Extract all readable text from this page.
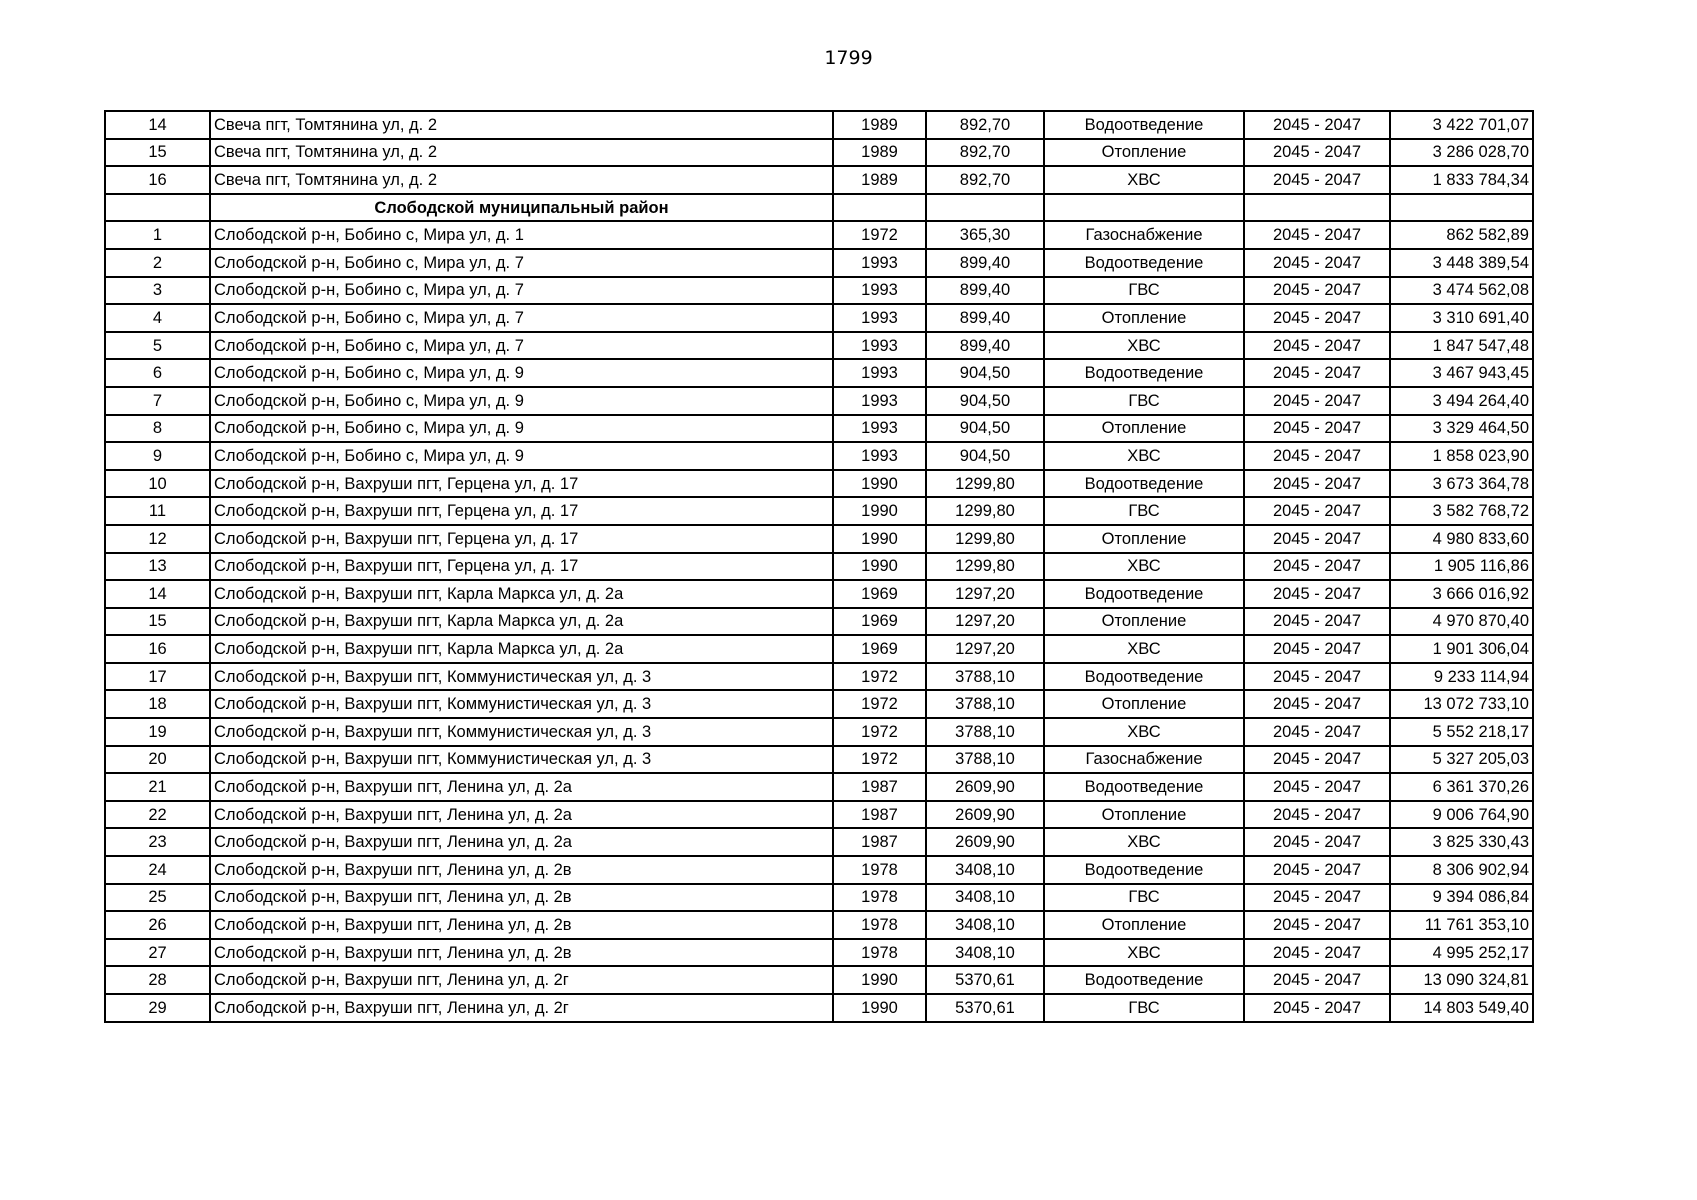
1799
14	Свеча пгт, Томтянина ул, д. 2	1989	892,70	Водоотведение	2045 - 2047	3 422 701,07
15	Свеча пгт, Томтянина ул, д. 2	1989	892,70	Отопление	2045 - 2047	3 286 028,70
16	Свеча пгт, Томтянина ул, д. 2	1989	892,70	ХВС	2045 - 2047	1 833 784,34
	Слободской муниципальный район					
1	Слободской р-н, Бобино с, Мира ул, д. 1	1972	365,30	Газоснабжение	2045 - 2047	862 582,89
2	Слободской р-н, Бобино с, Мира ул, д. 7	1993	899,40	Водоотведение	2045 - 2047	3 448 389,54
3	Слободской р-н, Бобино с, Мира ул, д. 7	1993	899,40	ГВС	2045 - 2047	3 474 562,08
4	Слободской р-н, Бобино с, Мира ул, д. 7	1993	899,40	Отопление	2045 - 2047	3 310 691,40
5	Слободской р-н, Бобино с, Мира ул, д. 7	1993	899,40	ХВС	2045 - 2047	1 847 547,48
6	Слободской р-н, Бобино с, Мира ул, д. 9	1993	904,50	Водоотведение	2045 - 2047	3 467 943,45
7	Слободской р-н, Бобино с, Мира ул, д. 9	1993	904,50	ГВС	2045 - 2047	3 494 264,40
8	Слободской р-н, Бобино с, Мира ул, д. 9	1993	904,50	Отопление	2045 - 2047	3 329 464,50
9	Слободской р-н, Бобино с, Мира ул, д. 9	1993	904,50	ХВС	2045 - 2047	1 858 023,90
10	Слободской р-н, Вахруши пгт, Герцена ул, д. 17	1990	1299,80	Водоотведение	2045 - 2047	3 673 364,78
11	Слободской р-н, Вахруши пгт, Герцена ул, д. 17	1990	1299,80	ГВС	2045 - 2047	3 582 768,72
12	Слободской р-н, Вахруши пгт, Герцена ул, д. 17	1990	1299,80	Отопление	2045 - 2047	4 980 833,60
13	Слободской р-н, Вахруши пгт, Герцена ул, д. 17	1990	1299,80	ХВС	2045 - 2047	1 905 116,86
14	Слободской р-н, Вахруши пгт, Карла Маркса ул, д. 2а	1969	1297,20	Водоотведение	2045 - 2047	3 666 016,92
15	Слободской р-н, Вахруши пгт, Карла Маркса ул, д. 2а	1969	1297,20	Отопление	2045 - 2047	4 970 870,40
16	Слободской р-н, Вахруши пгт, Карла Маркса ул, д. 2а	1969	1297,20	ХВС	2045 - 2047	1 901 306,04
17	Слободской р-н, Вахруши пгт, Коммунистическая ул, д. 3	1972	3788,10	Водоотведение	2045 - 2047	9 233 114,94
18	Слободской р-н, Вахруши пгт, Коммунистическая ул, д. 3	1972	3788,10	Отопление	2045 - 2047	13 072 733,10
19	Слободской р-н, Вахруши пгт, Коммунистическая ул, д. 3	1972	3788,10	ХВС	2045 - 2047	5 552 218,17
20	Слободской р-н, Вахруши пгт, Коммунистическая ул, д. 3	1972	3788,10	Газоснабжение	2045 - 2047	5 327 205,03
21	Слободской р-н, Вахруши пгт, Ленина ул, д. 2а	1987	2609,90	Водоотведение	2045 - 2047	6 361 370,26
22	Слободской р-н, Вахруши пгт, Ленина ул, д. 2а	1987	2609,90	Отопление	2045 - 2047	9 006 764,90
23	Слободской р-н, Вахруши пгт, Ленина ул, д. 2а	1987	2609,90	ХВС	2045 - 2047	3 825 330,43
24	Слободской р-н, Вахруши пгт, Ленина ул, д. 2в	1978	3408,10	Водоотведение	2045 - 2047	8 306 902,94
25	Слободской р-н, Вахруши пгт, Ленина ул, д. 2в	1978	3408,10	ГВС	2045 - 2047	9 394 086,84
26	Слободской р-н, Вахруши пгт, Ленина ул, д. 2в	1978	3408,10	Отопление	2045 - 2047	11 761 353,10
27	Слободской р-н, Вахруши пгт, Ленина ул, д. 2в	1978	3408,10	ХВС	2045 - 2047	4 995 252,17
28	Слободской р-н, Вахруши пгт, Ленина ул, д. 2г	1990	5370,61	Водоотведение	2045 - 2047	13 090 324,81
29	Слободской р-н, Вахруши пгт, Ленина ул, д. 2г	1990	5370,61	ГВС	2045 - 2047	14 803 549,40
